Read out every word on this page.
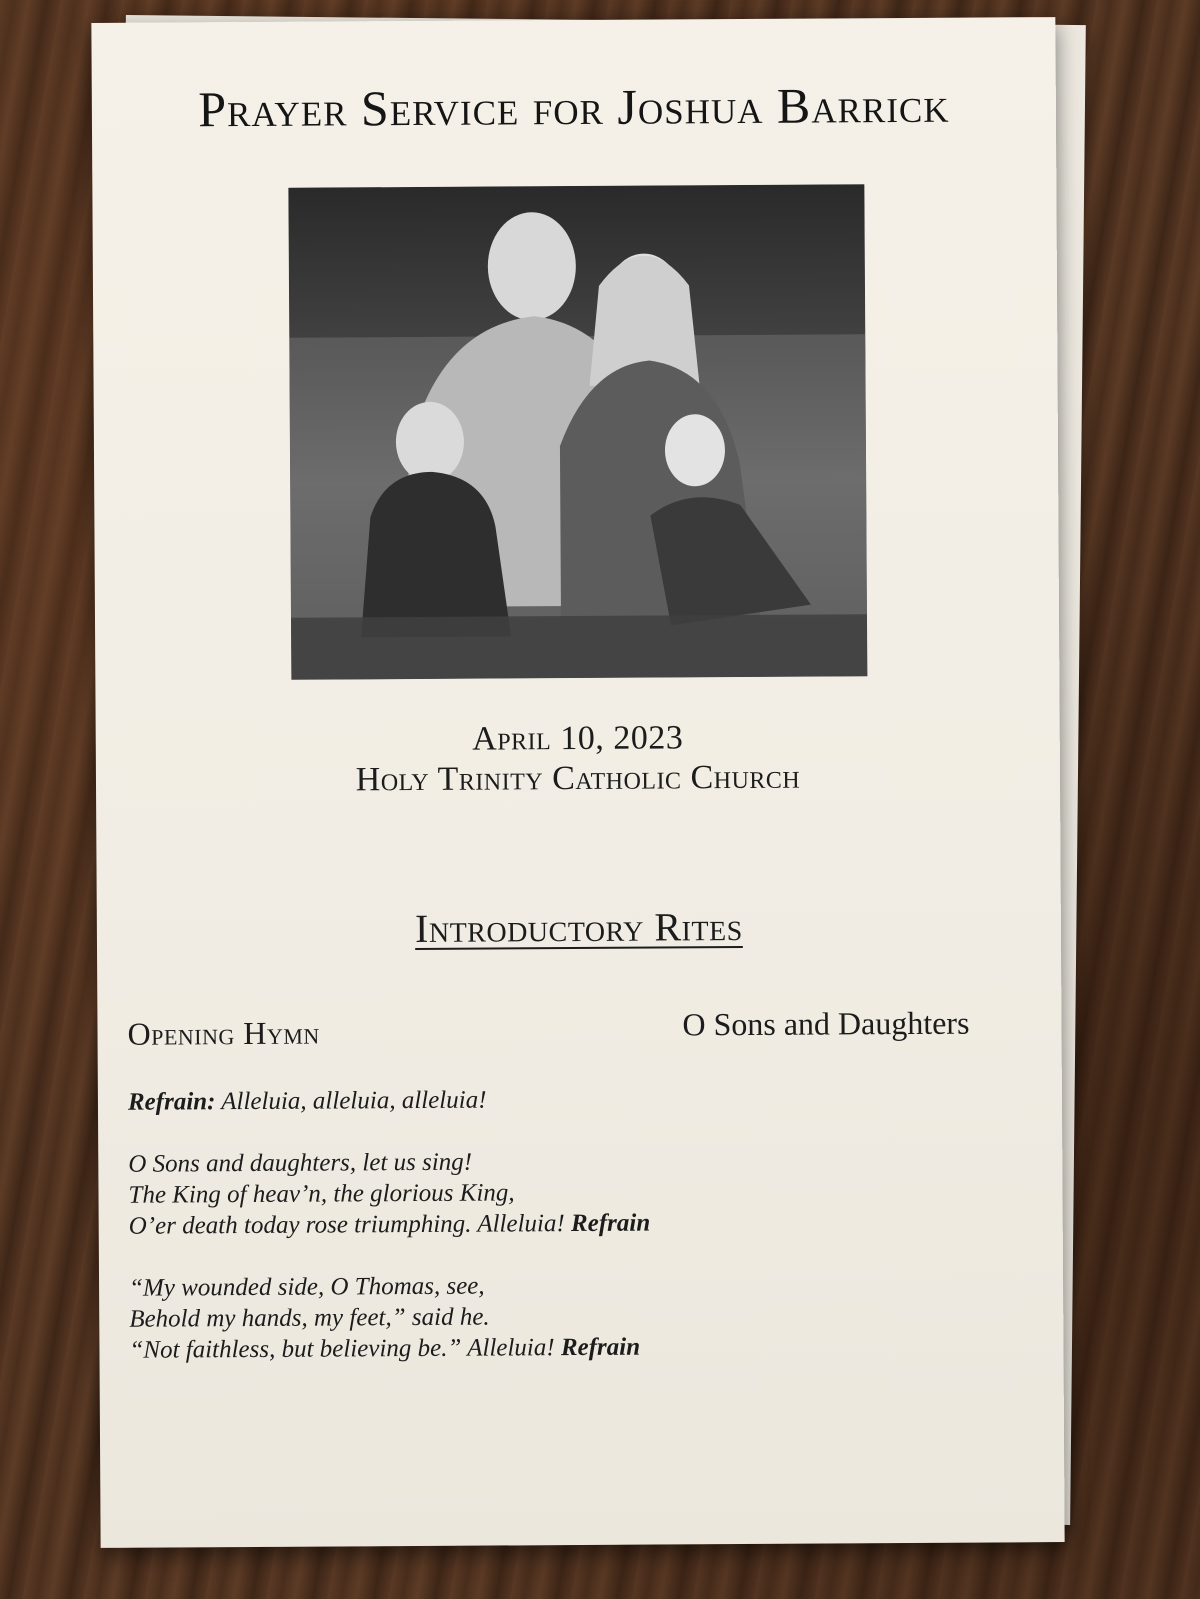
Prayer Service for Joshua Barrick
April 10, 2023
Holy Trinity Catholic Church
Introductory Rites
Opening Hymn	O Sons and Daughters
Refrain: Alleluia, alleluia, alleluia!
O Sons and daughters, let us sing!
The King of heav’n, the glorious King,
O’er death today rose triumphing. Alleluia! Refrain
“My wounded side, O Thomas, see,
Behold my hands, my feet,” said he.
“Not faithless, but believing be.” Alleluia! Refrain
